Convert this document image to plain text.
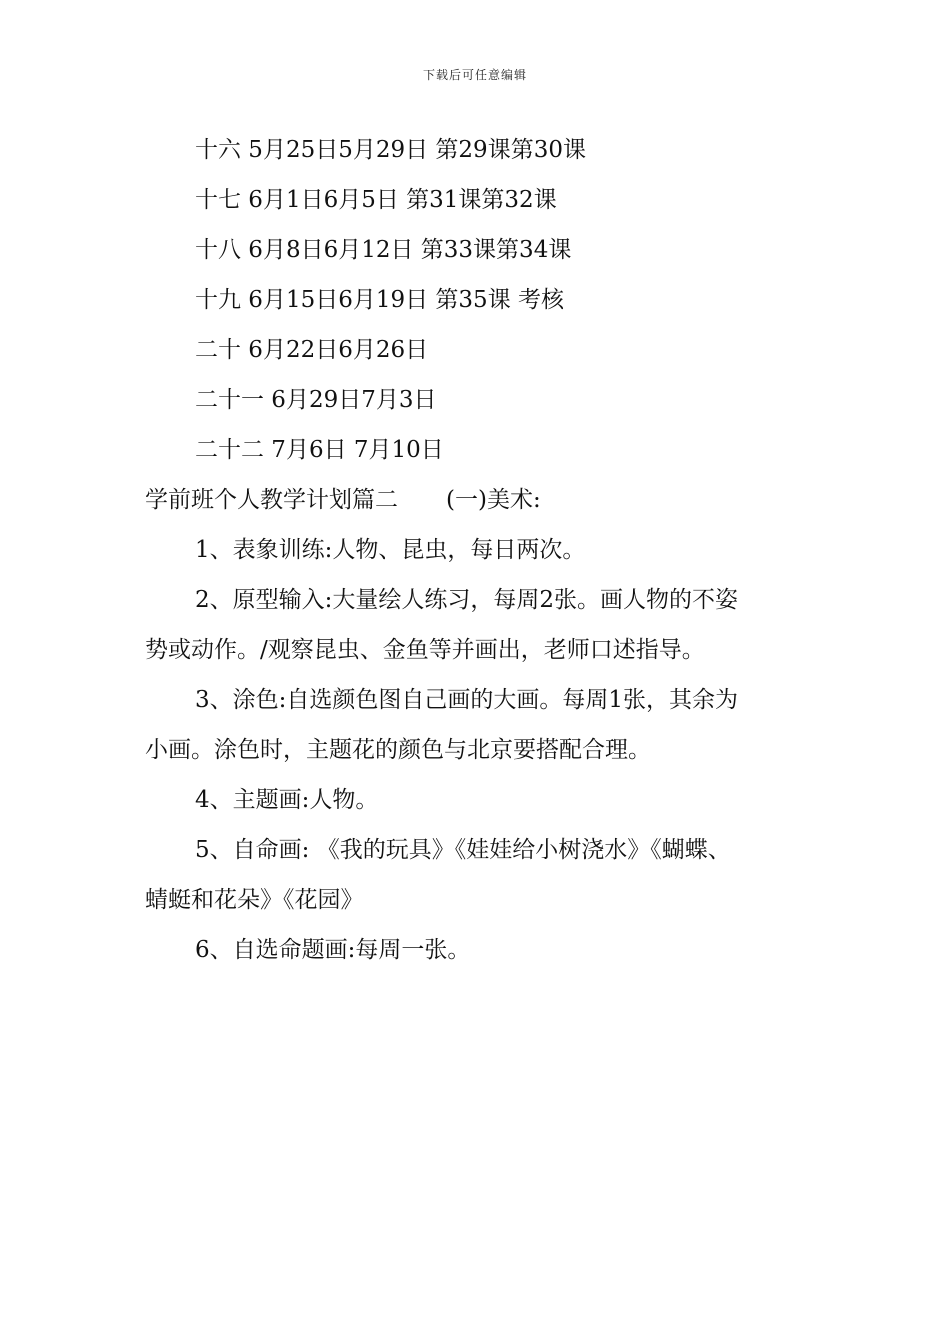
下载后可任意编辑
十六 5月25日5月29日 第29课第30课
十七 6月1日6月5日 第31课第32课
十八 6月8日6月12日 第33课第34课
十九 6月15日6月19日 第35课 考核
二十 6月22日6月26日
二十一 6月29日7月3日
二十二 7月6日 7月10日
学前班个人教学计划篇二 (一)美术:
1、表象训练:人物、昆虫，每日两次。
2、原型输入:大量绘人练习，每周2张。画人物的不姿
势或动作。/观察昆虫、金鱼等并画出，老师口述指导。
3、涂色:自选颜色图自己画的大画。每周1张，其余为
小画。涂色时，主题花的颜色与北京要搭配合理。
4、主题画:人物。
5、自命画: 《我的玩具》《娃娃给小树浇水》《蝴蝶、
蜻蜓和花朵》《花园》
6、自选命题画:每周一张。
